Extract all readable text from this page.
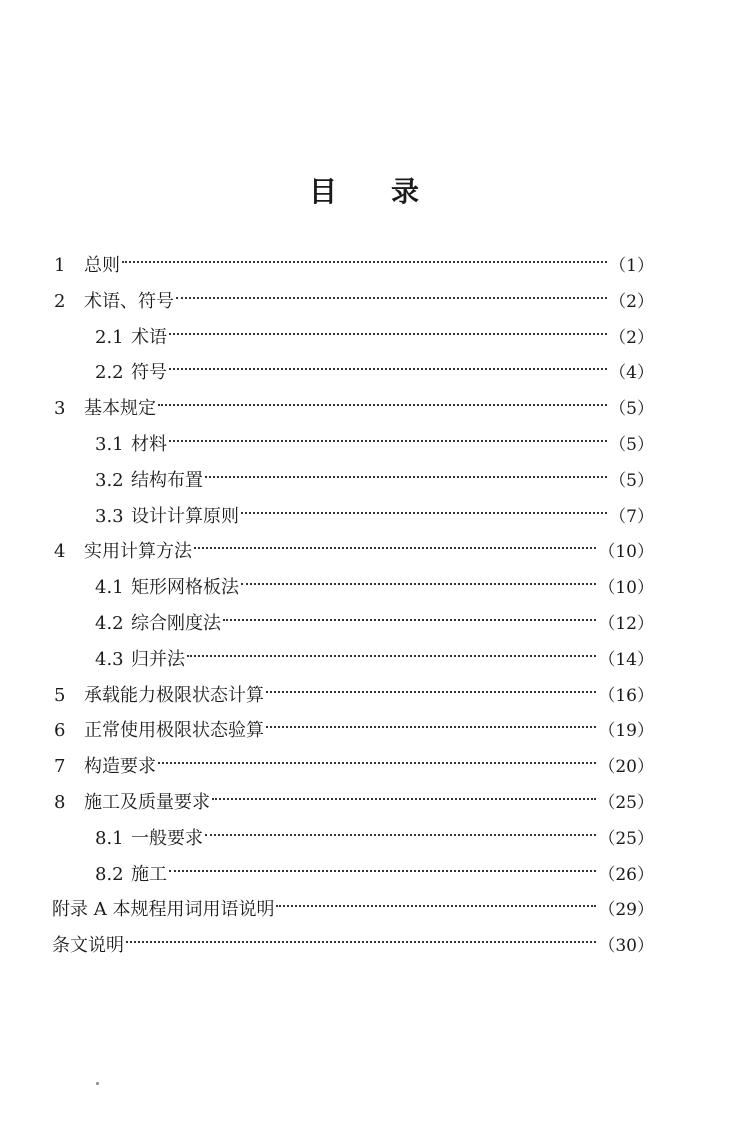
目 录
1	总则	（1）
2	术语、符号	（2）
2.1 术语	（2）
2.2 符号	（4）
3	基本规定	（5）
3.1 材料	（5）
3.2 结构布置	（5）
3.3 设计计算原则	（7）
4	实用计算方法	（10）
4.1 矩形网格板法	（10）
4.2 综合刚度法	（12）
4.3 归并法	（14）
5	承载能力极限状态计算	（16）
6	正常使用极限状态验算	（19）
7	构造要求	（20）
8	施工及质量要求	（25）
8.1 一般要求	（25）
8.2 施工	（26）
附录 A 本规程用词用语说明	（29）
条文说明	（30）
